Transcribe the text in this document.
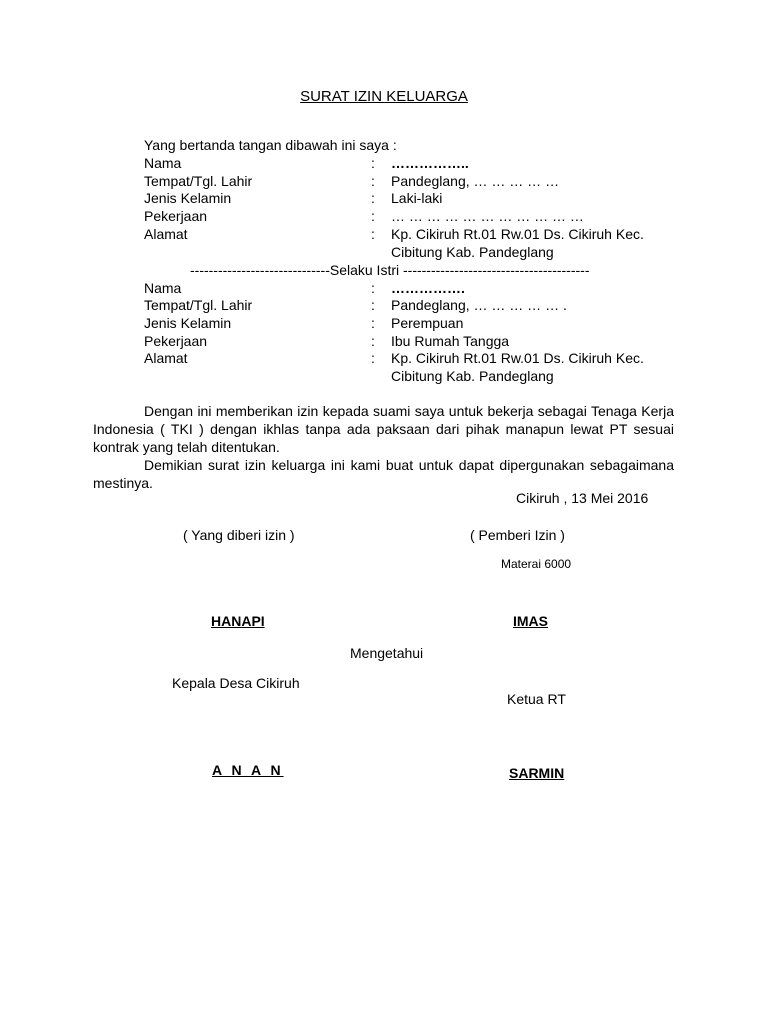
SURAT IZIN KELUARGA
Yang bertanda tangan dibawah ini saya :
Nama	: ……………..
Tempat/Tgl. Lahir	: Pandeglang, … … … … …
Jenis Kelamin	: Laki-laki
Pekerjaan	: … … … … … … … … … … …
Alamat	: Kp. Cikiruh Rt.01 Rw.01 Ds. Cikiruh Kec.
Cibitung Kab. Pandeglang
------------------------------Selaku Istri ----------------------------------------
Nama	: …………….
Tempat/Tgl. Lahir	: Pandeglang, … … … … … .
Jenis Kelamin	: Perempuan
Pekerjaan	: Ibu Rumah Tangga
Alamat	: Kp. Cikiruh Rt.01 Rw.01 Ds. Cikiruh Kec.
Cibitung Kab. Pandeglang

Dengan ini memberikan izin kepada suami saya untuk bekerja sebagai Tenaga Kerja Indonesia ( TKI ) dengan ikhlas tanpa ada paksaan dari pihak manapun lewat PT sesuai kontrak yang telah ditentukan.

Demikian surat izin keluarga ini kami buat untuk dapat dipergunakan sebagaimana mestinya.

Cikiruh , 13 Mei 2016
( Yang diberi izin )	( Pemberi Izin )
Materai 6000
HANAPI	IMAS
Mengetahui
Kepala Desa Cikiruh
Ketua RT
A N A N	SARMIN
